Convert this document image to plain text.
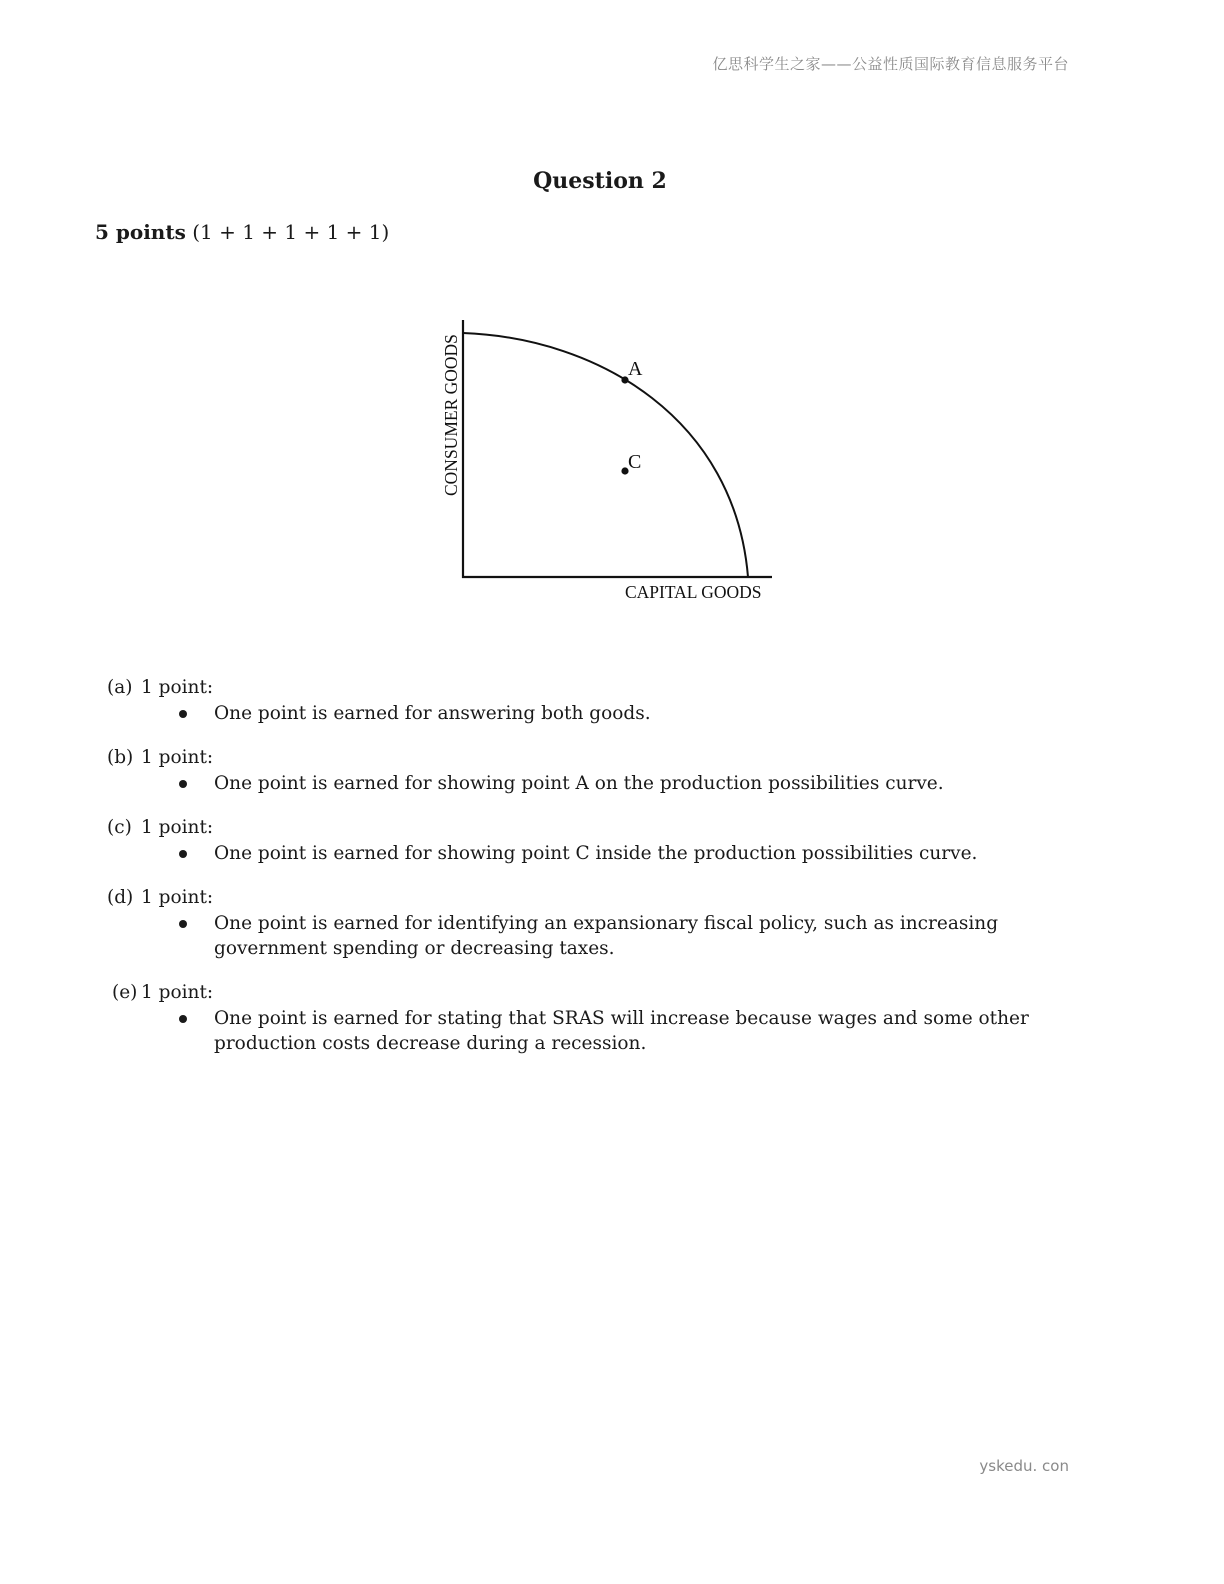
亿思科学生之家——公益性质国际教育信息服务平台
Question 2
5 points (1 + 1 + 1 + 1 + 1)
A
C
CONSUMER GOODS
CAPITAL GOODS
(a) 1 point:
One point is earned for answering both goods.
(b) 1 point:
One point is earned for showing point A on the production possibilities curve.
(c) 1 point:
One point is earned for showing point C inside the production possibilities curve.
(d) 1 point:
One point is earned for identifying an expansionary fiscal policy, such as increasing government spending or decreasing taxes.
(e) 1 point:
One point is earned for stating that SRAS will increase because wages and some other production costs decrease during a recession.
yskedu. con
